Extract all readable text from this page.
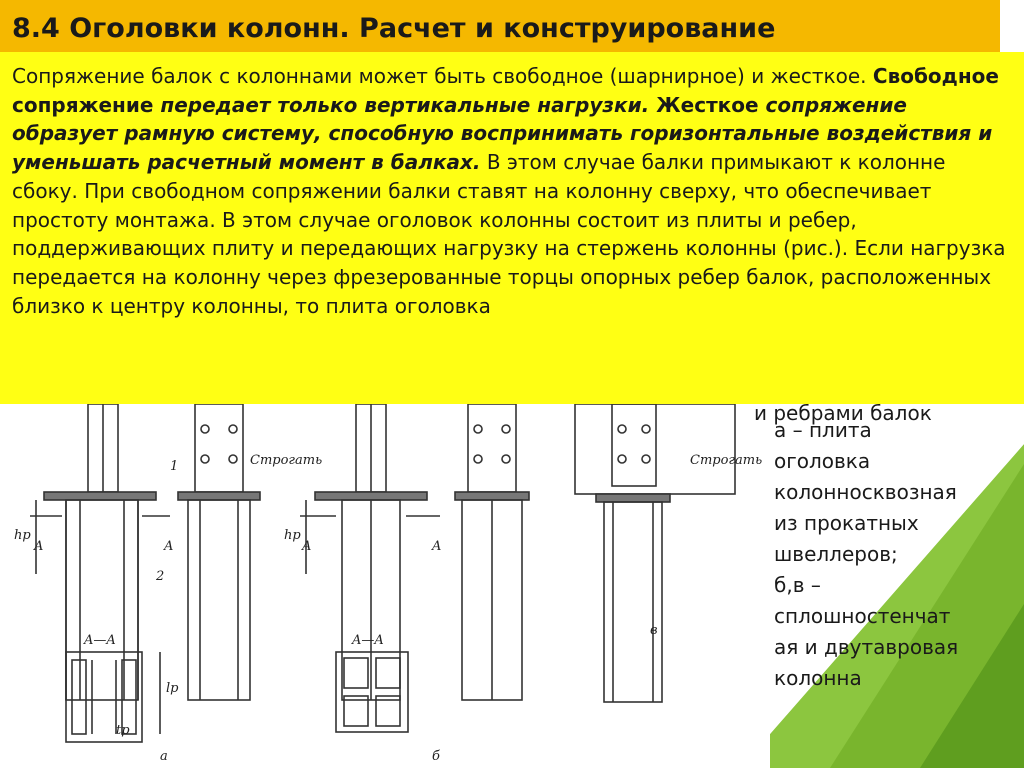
8.4 Оголовки колонн. Расчет и конструирование

Сопряжение балок с колоннами может быть свободное (шарнирное) и жесткое. Свободное сопряжение передает только вертикальные нагрузки. Жесткое сопряжение образует рамную систему, способную воспринимать горизонтальные воздействия и уменьшать расчетный момент в балках. В этом случае балки примыкают к колонне сбоку. При свободном сопряжении балки ставят на колонну сверху, что обеспечивает простоту монтажа. В этом случае оголовок колонны состоит из плиты и ребер, поддерживающих плиту и передающих нагрузку на стержень колонны (рис.). Если нагрузка передается на колонну через фрезерованные торцы опорных ребер балок, расположенных близко к центру колонны, то плита оголовка

и ребрами балок
а – плита
оголовка
колонносквозная
из прокатных
швеллеров;
б,в –
сплошностенчат
ая и двутавровая
колонна
Строгать	Строгать
hp	hp
A	A	A	A
1
2
A—A	A—A
lp
tp
а	б
в
